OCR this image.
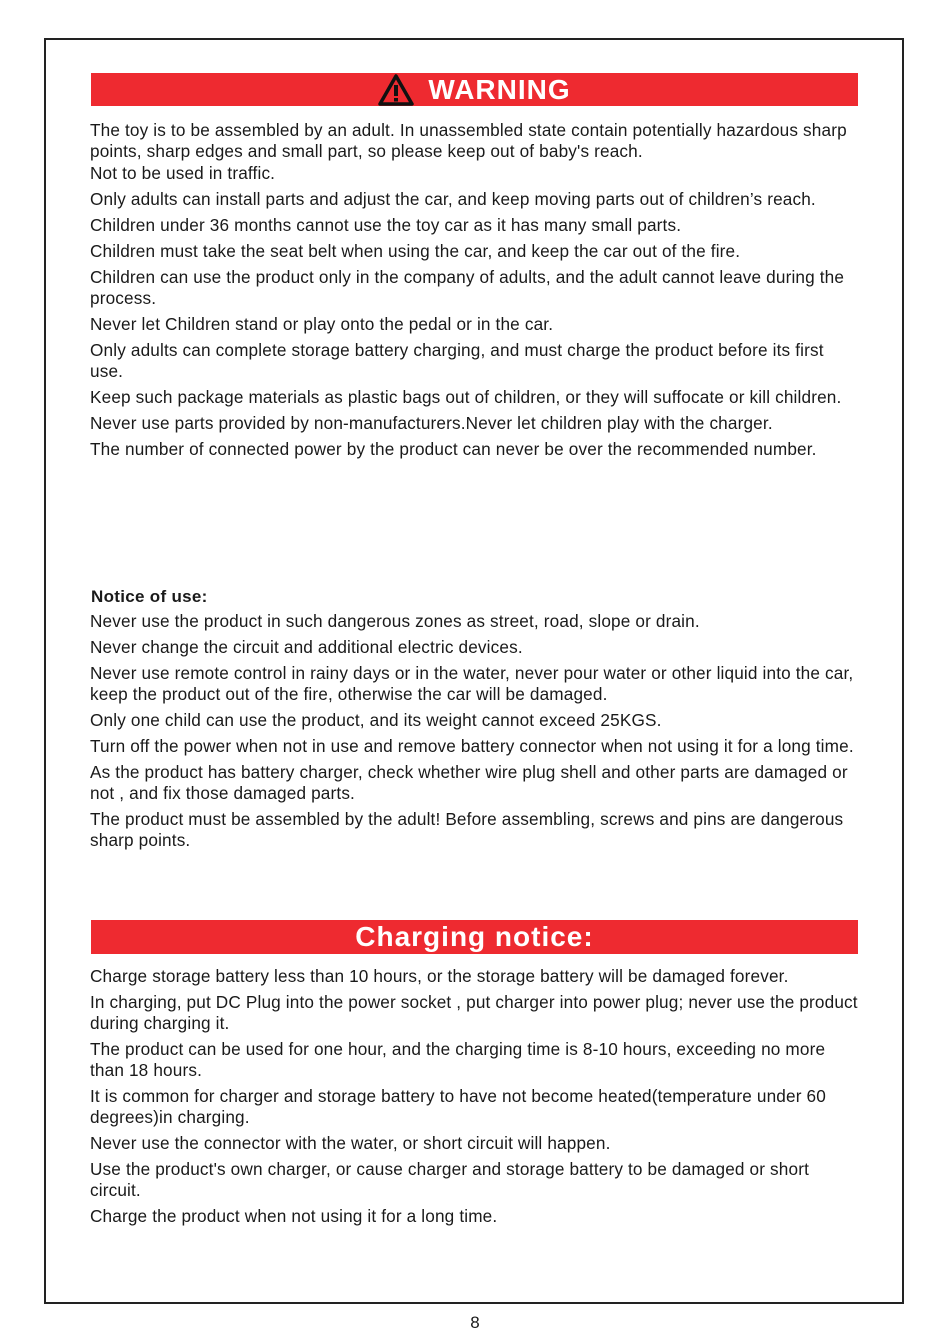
WARNING

The toy is to be assembled by an adult. In unassembled state contain potentially hazardous sharp points, sharp edges and small part, so please keep out of baby's reach.

Not to be used in traffic.

Only adults can install parts and adjust the car, and keep moving parts out of children’s reach.

Children under 36 months cannot use the toy car as it has many small parts.

Children must take the seat belt when using the car, and keep the car out of the fire.

Children can use the product only in the company of adults, and the adult cannot leave during the process.

Never let Children stand or play onto the pedal or in the car.

Only adults can complete storage battery charging, and must charge the product before its first use.

Keep such package materials as plastic bags out of children, or they will suffocate or kill children.

Never use parts provided by non-manufacturers.Never let children play with the charger.

The number of connected power by the product can never be over the recommended number.

Notice of use:

Never use the product in such dangerous zones as street, road, slope or drain.

Never change the circuit and additional electric devices.

Never use remote control in rainy days or in the water, never pour water or other liquid into the car, keep the product out of the fire, otherwise the car will be damaged.

Only one child can use the product, and its weight cannot exceed 25KGS.

Turn off the power when not in use and remove battery connector when not using it for a long time.

As the product has battery charger, check whether wire plug shell and other parts are damaged or not , and fix those damaged parts.

The product must be assembled by the adult! Before assembling, screws and pins are dangerous sharp points.

Charging notice:

Charge storage battery less than 10 hours, or the storage battery will be damaged forever.

In charging, put DC Plug into the power socket , put charger into power plug; never use the product during charging it.

The product can be used for one hour, and the charging time is 8-10 hours, exceeding no more than 18 hours.

It is common for charger and storage battery to have not become heated(temperature under 60 degrees)in charging.

Never use the connector with the water, or short circuit will happen.

Use the product's own charger, or cause charger and storage battery to be damaged or short circuit.

Charge the product when not using it for a long time.

8
